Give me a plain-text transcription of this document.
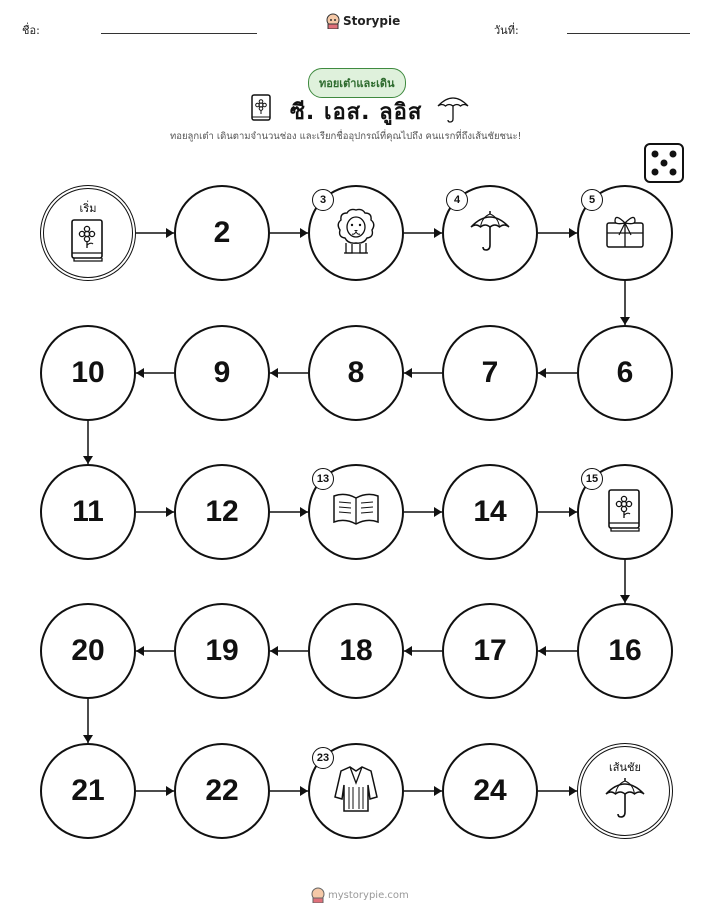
ชื่อ:
Storypie
วันที่:
ทอยเต๋าและเดิน
ซี. เอส. ลูอิส
ทอยลูกเต๋า เดินตามจำนวนช่อง และเรียกชื่ออุปกรณ์ที่คุณไปถึง คนแรกที่ถึงเส้นชัยชนะ!
เริ่ม
2
3	4	5
6
7
8
9
10
11	12
13
14
15
16
17
18
19
20
21	22
23
24
เส้นชัย
mystorypie.com
